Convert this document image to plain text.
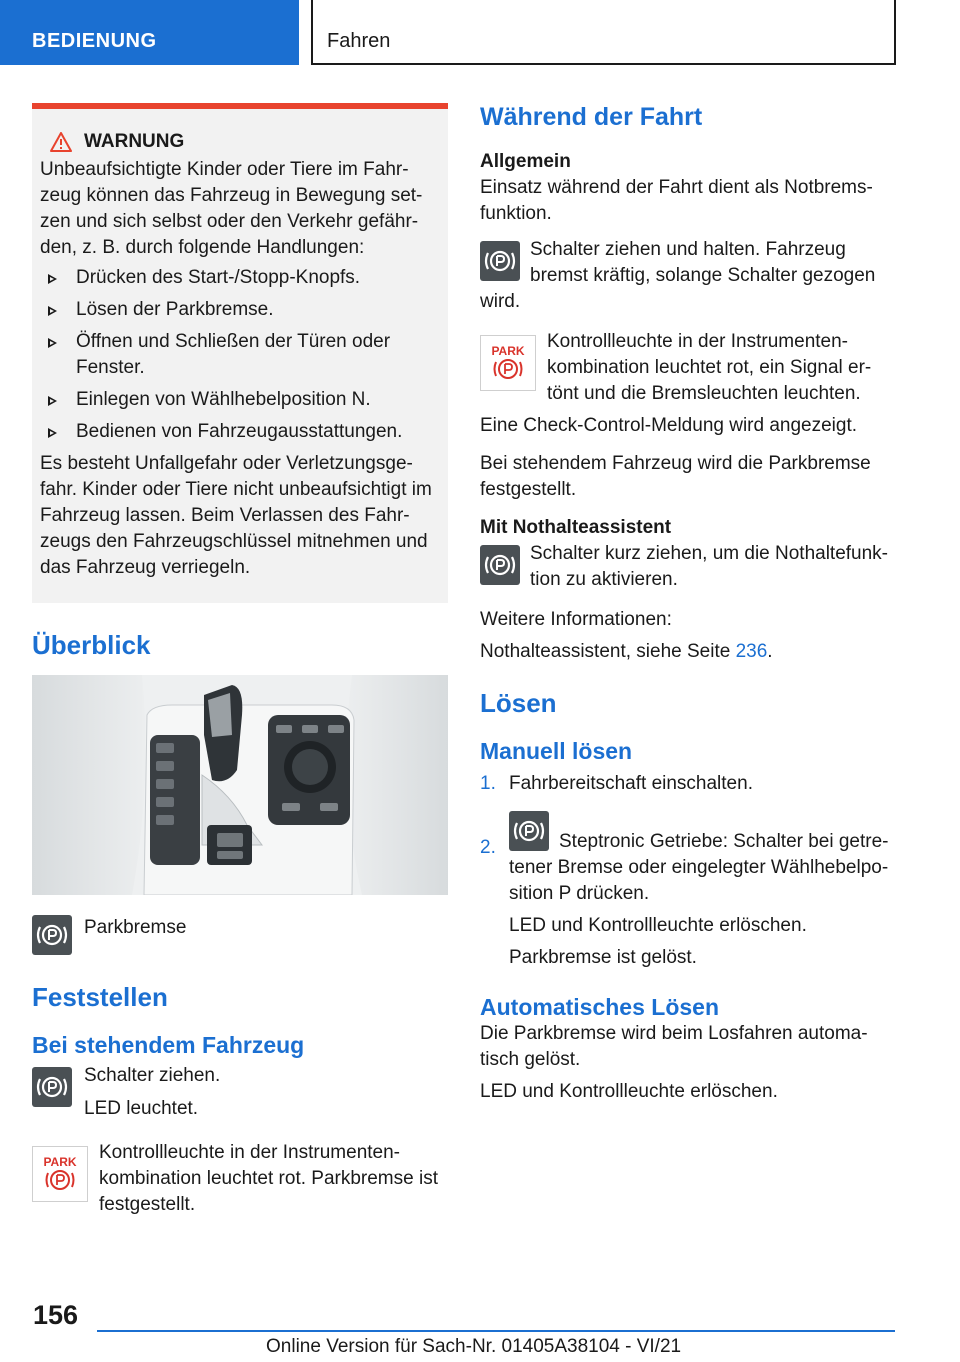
BEDIENUNG	Fahren
WARNUNG

Unbeaufsichtigte Kinder oder Tiere im Fahr-zeug können das Fahrzeug in Bewegung set-zen und sich selbst oder den Verkehr gefähr-den, z. B. durch folgende Handlungen:

Drücken des Start-/Stopp-Knopfs.
Lösen der Parkbremse.
Öffnen und Schließen der Türen oder Fenster.
Einlegen von Wählhebelposition N.
Bedienen von Fahrzeugausstattungen.

Es besteht Unfallgefahr oder Verletzungsge-fahr. Kinder oder Tiere nicht unbeaufsichtigt im Fahrzeug lassen. Beim Verlassen des Fahr-zeugs den Fahrzeugschlüssel mitnehmen und das Fahrzeug verriegeln.

Überblick
Parkbremse
Feststellen
Bei stehendem Fahrzeug
Schalter ziehen.
LED leuchtet.
PARK Kontrollleuchte in der Instrumenten-kombination leuchtet rot. Parkbremse ist festgestellt.
Während der Fahrt
Allgemein
Einsatz während der Fahrt dient als Notbrems-funktion.
Schalter ziehen und halten. Fahrzeug bremst kräftig, solange Schalter gezogen wird.
PARK Kontrollleuchte in der Instrumenten-kombination leuchtet rot, ein Signal er-tönt und die Bremsleuchten leuchten.
Eine Check-Control-Meldung wird angezeigt.
Bei stehendem Fahrzeug wird die Parkbremse festgestellt.
Mit Nothalteassistent
Schalter kurz ziehen, um die Nothaltefunk-tion zu aktivieren.
Weitere Informationen:
Nothalteassistent, siehe Seite 236.
Lösen
Manuell lösen
1. Fahrbereitschaft einschalten.
2.	Steptronic Getriebe: Schalter bei getre-
tener Bremse oder eingelegter Wählhebelpo-sition P drücken.
LED und Kontrollleuchte erlöschen.
Parkbremse ist gelöst.
Automatisches Lösen
Die Parkbremse wird beim Losfahren automa-tisch gelöst.
LED und Kontrollleuchte erlöschen.
156
Online Version für Sach-Nr. 01405A38104 - VI/21
